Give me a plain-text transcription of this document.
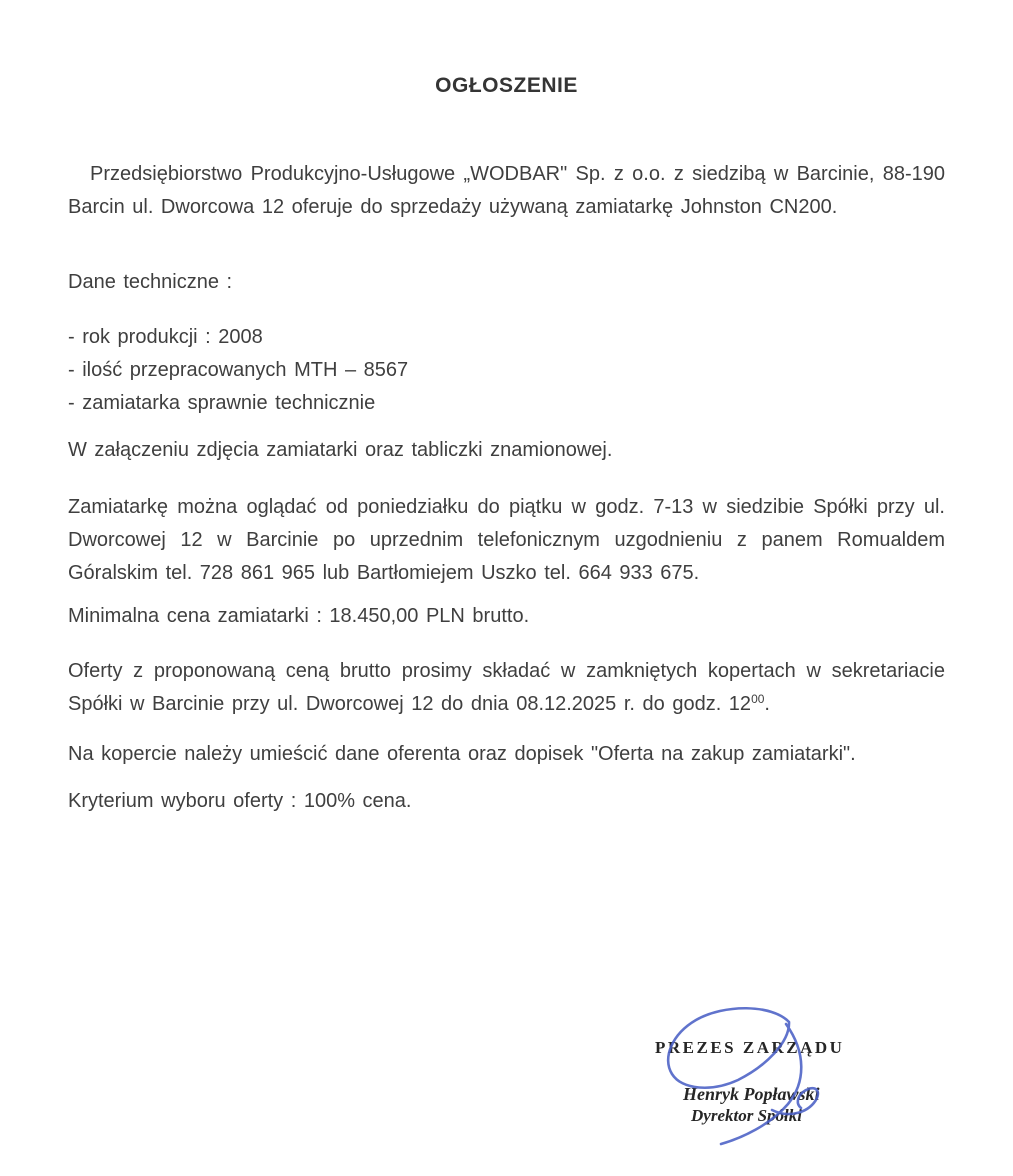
OGŁOSZENIE

Przedsiębiorstwo Produkcyjno-Usługowe „WODBAR" Sp. z o.o. z siedzibą w Barcinie, 88-190 Barcin ul. Dworcowa 12 oferuje do sprzedaży używaną zamiatarkę Johnston CN200.

Dane techniczne :

- rok produkcji : 2008

- ilość przepracowanych MTH – 8567

- zamiatarka sprawnie technicznie

W załączeniu zdjęcia zamiatarki oraz tabliczki znamionowej.

Zamiatarkę można oglądać od poniedziałku do piątku w godz. 7-13 w siedzibie Spółki przy ul. Dworcowej 12 w Barcinie po uprzednim telefonicznym uzgodnieniu z panem Romualdem Góralskim tel. 728 861 965 lub Bartłomiejem Uszko tel. 664 933 675.

Minimalna cena zamiatarki : 18.450,00 PLN brutto.

Oferty z proponowaną ceną brutto prosimy składać w zamkniętych kopertach w sekretariacie Spółki w Barcinie przy ul. Dworcowej 12 do dnia 08.12.2025 r. do godz. $12^{00}$.

Na kopercie należy umieścić dane oferenta oraz dopisek "Oferta na zakup zamiatarki".

Kryterium wyboru oferty : 100% cena.

PREZES ZARZĄDU
Henryk Popławski
Dyrektor Spółki
